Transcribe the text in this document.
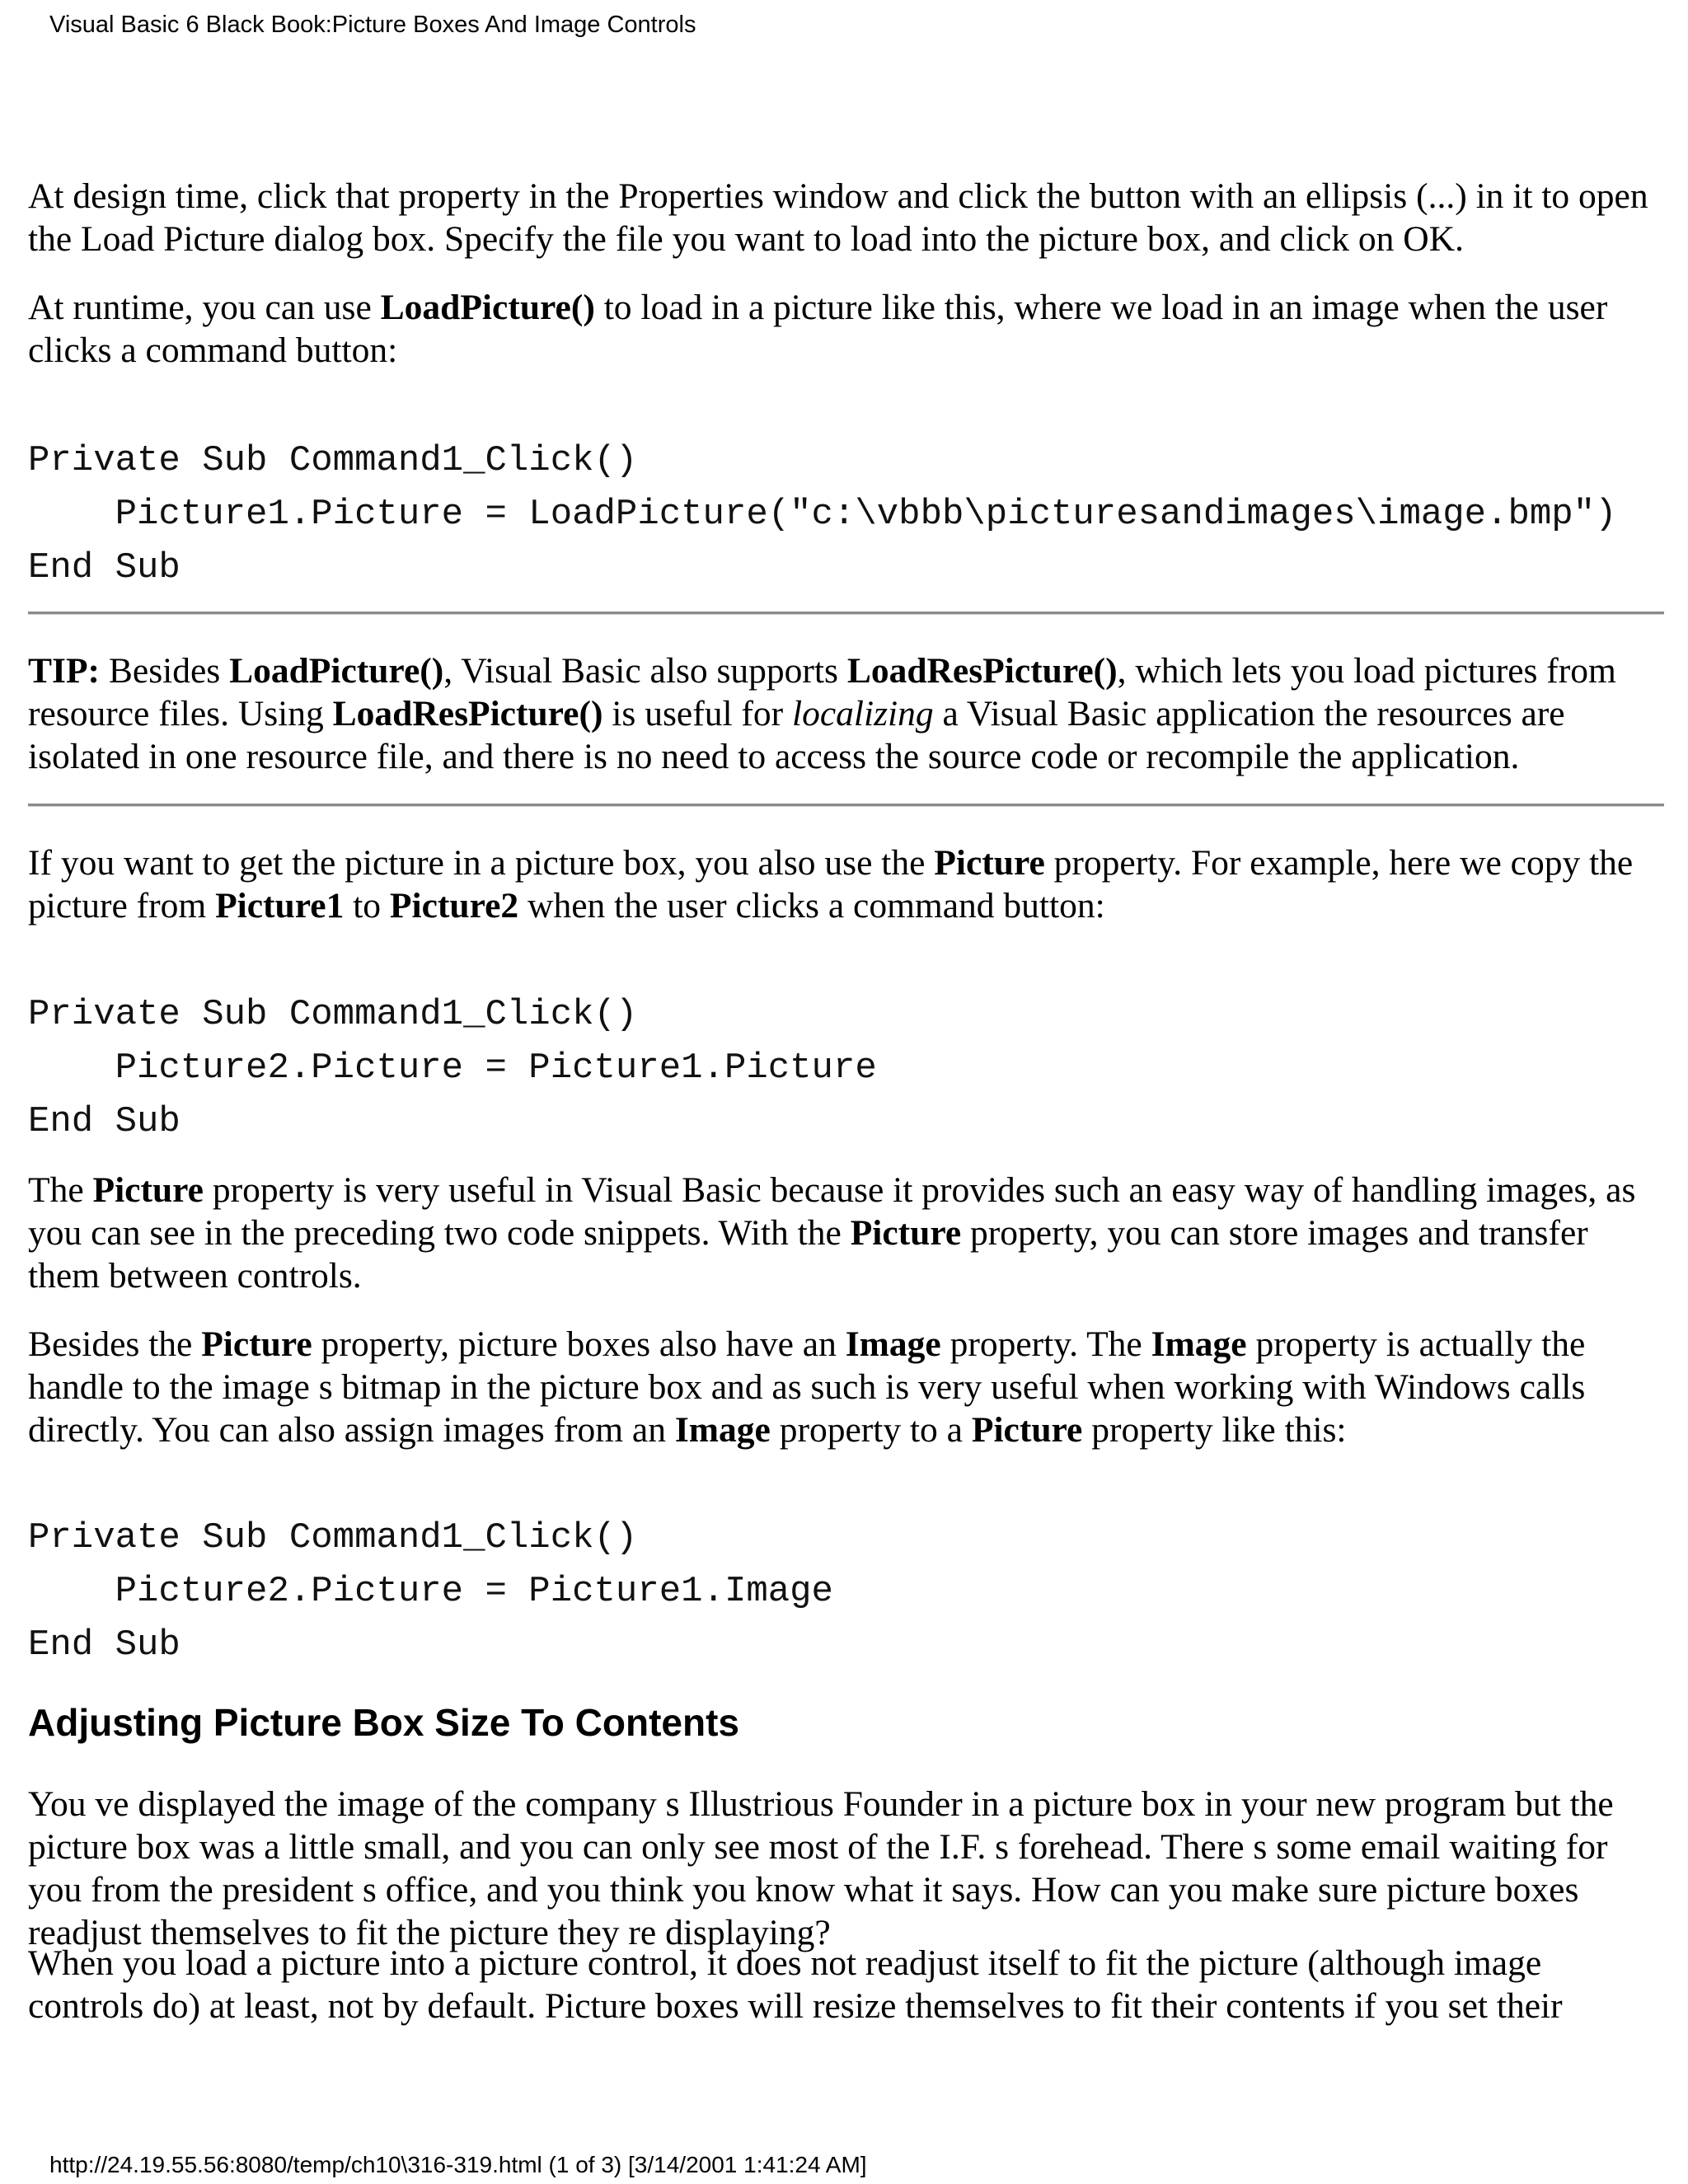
Visual Basic 6 Black Book:Picture Boxes And Image Controls

At design time, click that property in the Properties window and click the button with an ellipsis (...) in it to open the Load Picture dialog box. Specify the file you want to load into the picture box, and click on OK.

At runtime, you can use LoadPicture() to load in a picture like this, where we load in an image when the user clicks a command button:

Private Sub Command1_Click()
Picture1.Picture = LoadPicture("c:\vbbb\picturesandimages\image.bmp")
End Sub

TIP: Besides LoadPicture(), Visual Basic also supports LoadResPicture(), which lets you load pictures from resource files. Using LoadResPicture() is useful for localizing a Visual Basic application the resources are isolated in one resource file, and there is no need to access the source code or recompile the application.

If you want to get the picture in a picture box, you also use the Picture property. For example, here we copy the picture from Picture1 to Picture2 when the user clicks a command button:

Private Sub Command1_Click()
Picture2.Picture = Picture1.Picture
End Sub

The Picture property is very useful in Visual Basic because it provides such an easy way of handling images, as you can see in the preceding two code snippets. With the Picture property, you can store images and transfer them between controls.

Besides the Picture property, picture boxes also have an Image property. The Image property is actually the handle to the image s bitmap in the picture box and as such is very useful when working with Windows calls directly. You can also assign images from an Image property to a Picture property like this:

Private Sub Command1_Click()
Picture2.Picture = Picture1.Image
End Sub
Adjusting Picture Box Size To Contents

You ve displayed the image of the company s Illustrious Founder in a picture box in your new program but the picture box was a little small, and you can only see most of the I.F. s forehead. There s some email waiting for you from the president s office, and you think you know what it says. How can you make sure picture boxes readjust themselves to fit the picture they re displaying?

When you load a picture into a picture control, it does not readjust itself to fit the picture (although image controls do) at least, not by default. Picture boxes will resize themselves to fit their contents if you set their

http://24.19.55.56:8080/temp/ch10\316-319.html (1 of 3) [3/14/2001 1:41:24 AM]
